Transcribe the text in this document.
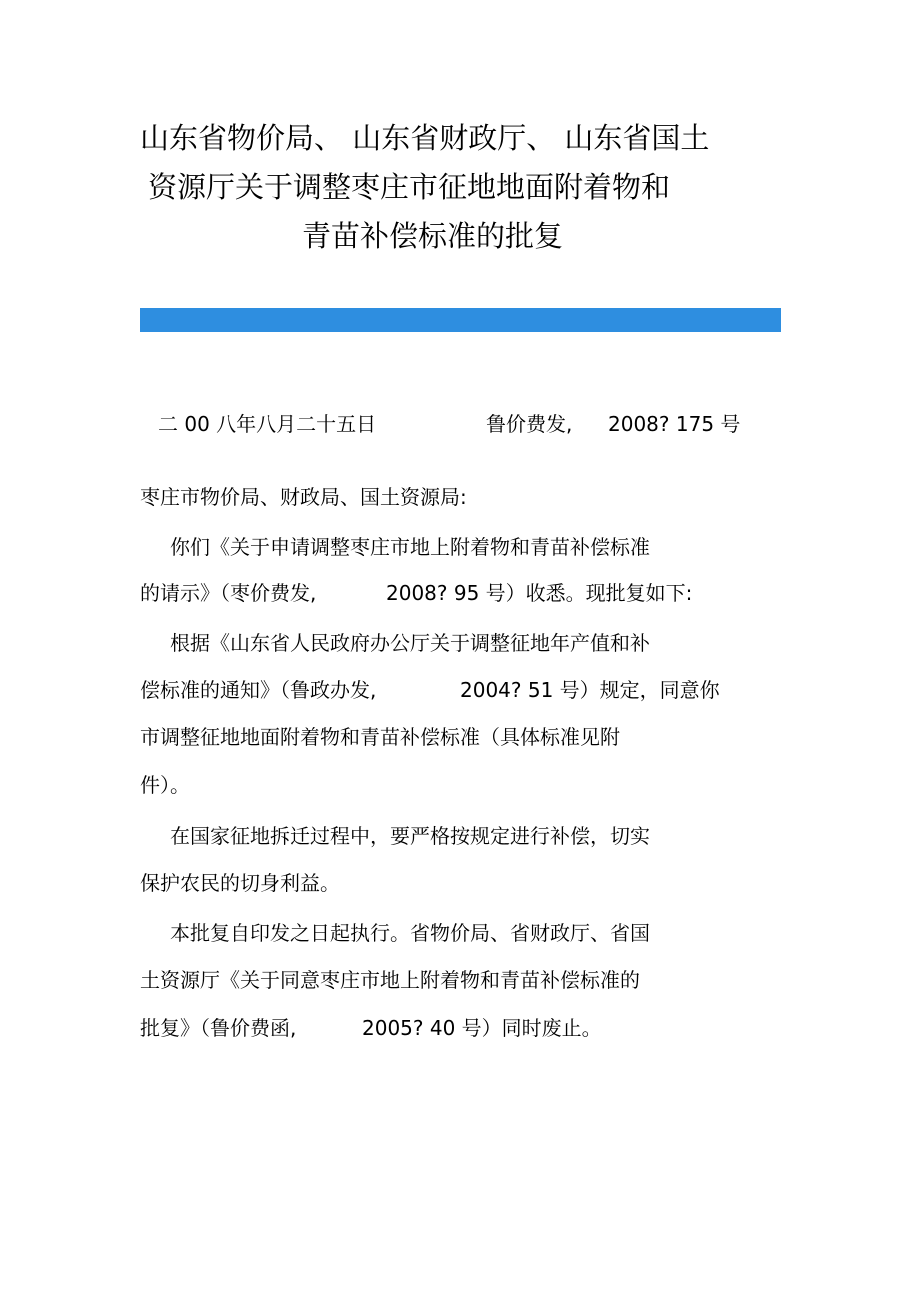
山东省物价局、 山东省财政厅、 山东省国土
资源厅关于调整枣庄市征地地面附着物和
青苗补偿标准的批复
二 00 八年八月二十五日	鲁价费发, 2008? 175 号
枣庄市物价局、财政局、国土资源局:
你们《关于申请调整枣庄市地上附着物和青苗补偿标准
的请示》（枣价费发,	2008? 95 号）收悉。现批复如下:
根据《山东省人民政府办公厅关于调整征地年产值和补
偿标准的通知》（鲁政办发,	2004? 51 号）规定，同意你
市调整征地地面附着物和青苗补偿标准（具体标准见附
件）。
在国家征地拆迁过程中，要严格按规定进行补偿，切实
保护农民的切身利益。
本批复自印发之日起执行。省物价局、省财政厅、省国
土资源厅《关于同意枣庄市地上附着物和青苗补偿标准的
批复》（鲁价费函,	2005? 40 号）同时废止。
